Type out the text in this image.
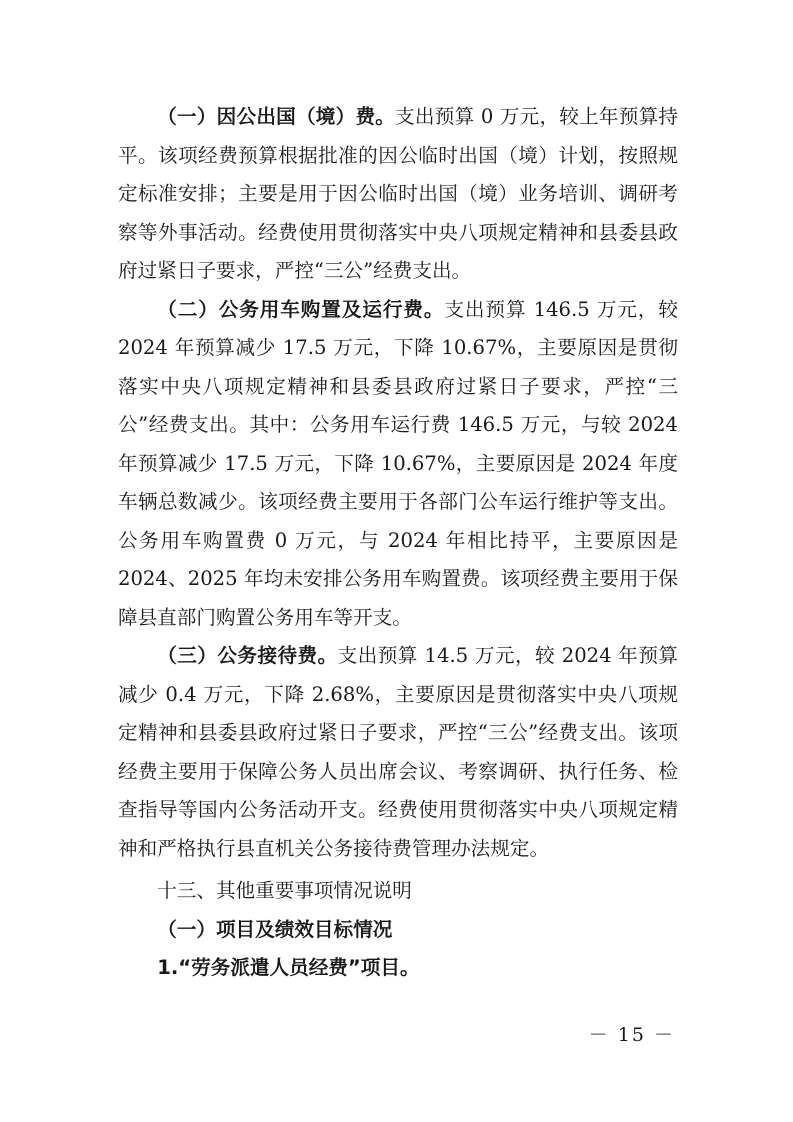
（一）因公出国（境）费。支出预算 0 万元，较上年预算持平。该项经费预算根据批准的因公临时出国（境）计划，按照规定标准安排；主要是用于因公临时出国（境）业务培训、调研考察等外事活动。经费使用贯彻落实中央八项规定精神和县委县政府过紧日子要求，严控“三公”经费支出。

（二）公务用车购置及运行费。支出预算 146.5 万元，较 2024 年预算减少 17.5 万元，下降 10.67%，主要原因是贯彻落实中央八项规定精神和县委县政府过紧日子要求，严控“三公”经费支出。其中：公务用车运行费 146.5 万元，与较 2024 年预算减少 17.5 万元，下降 10.67%，主要原因是 2024 年度车辆总数减少。该项经费主要用于各部门公车运行维护等支出。公务用车购置费 0 万元，与 2024 年相比持平，主要原因是 2024、2025 年均未安排公务用车购置费。该项经费主要用于保障县直部门购置公务用车等开支。

（三）公务接待费。支出预算 14.5 万元，较 2024 年预算减少 0.4 万元，下降 2.68%，主要原因是贯彻落实中央八项规定精神和县委县政府过紧日子要求，严控“三公”经费支出。该项经费主要用于保障公务人员出席会议、考察调研、执行任务、检查指导等国内公务活动开支。经费使用贯彻落实中央八项规定精神和严格执行县直机关公务接待费管理办法规定。

十三、其他重要事项情况说明

（一）项目及绩效目标情况

1.“劳务派遣人员经费”项目。

－ 15 －
